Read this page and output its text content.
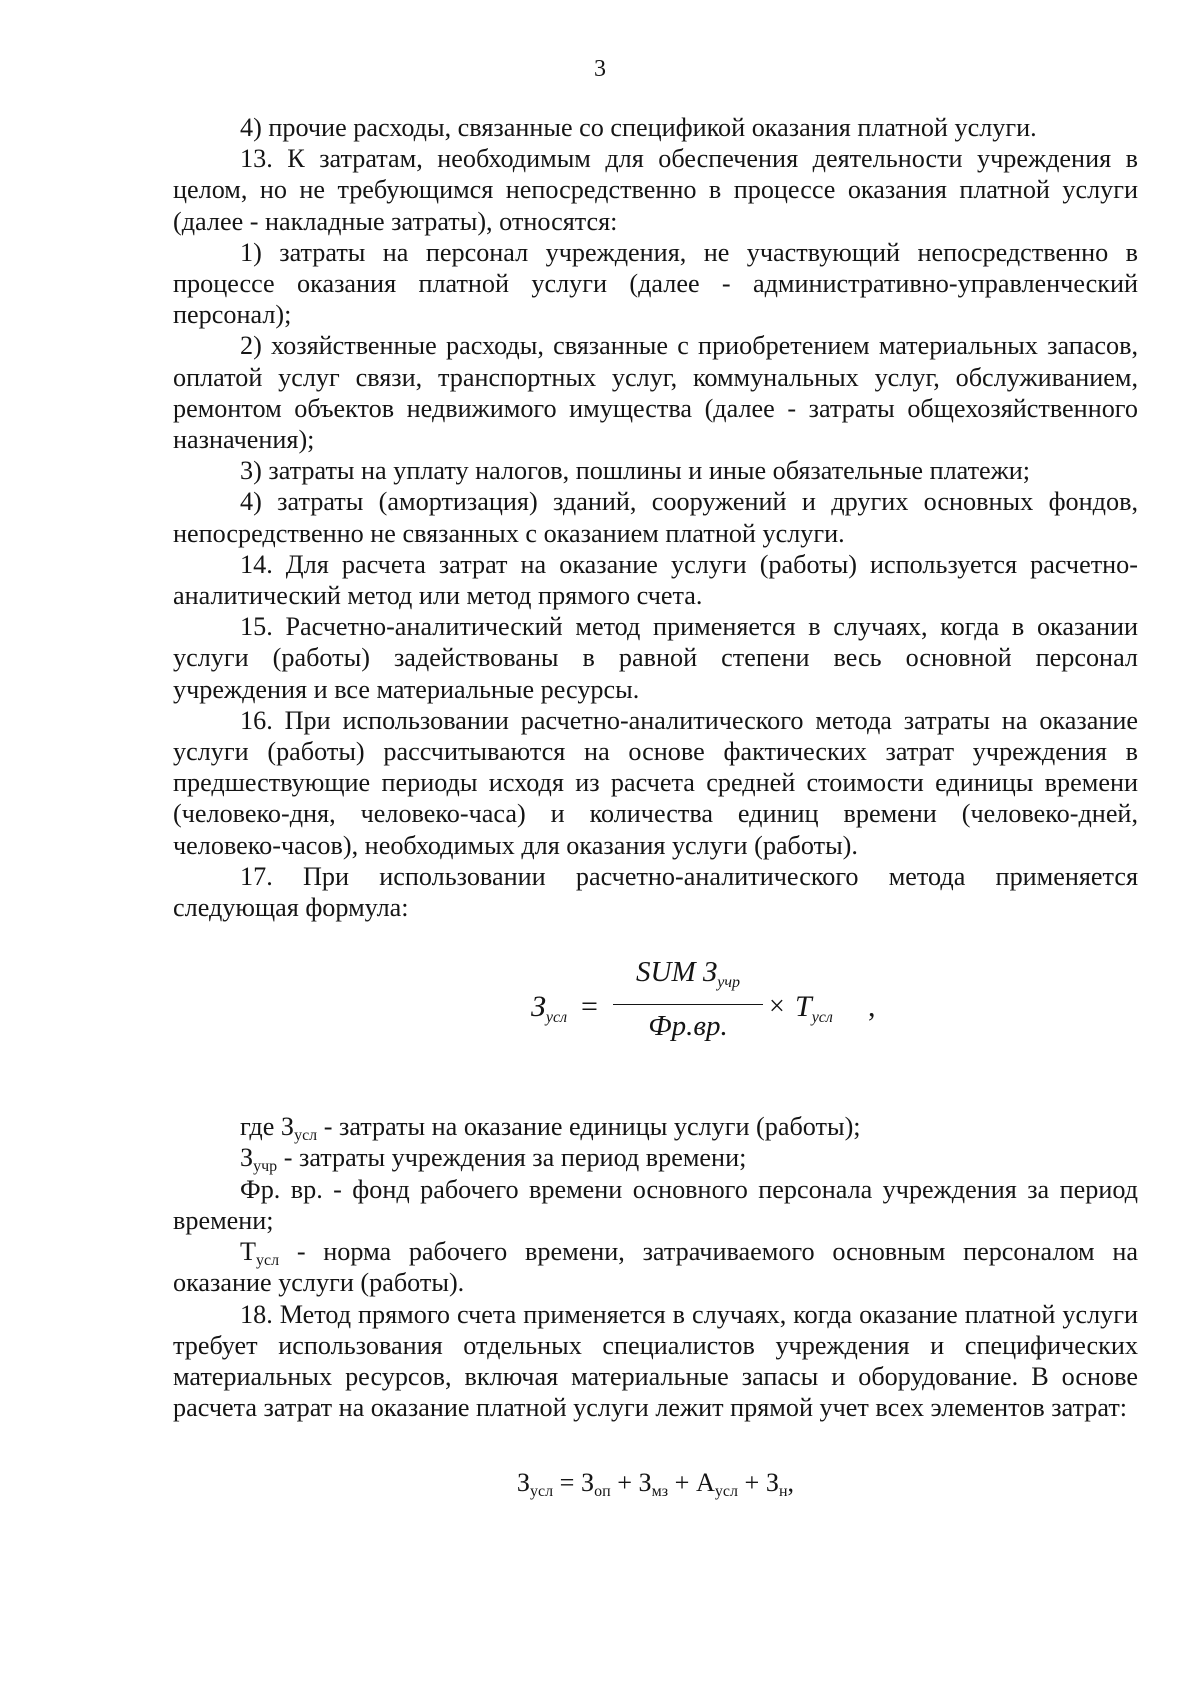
3

4) прочие расходы, связанные со спецификой оказания платной услуги.

13. К затратам, необходимым для обеспечения деятельности учреждения в целом, но не требующимся непосредственно в процессе оказания платной услуги (далее - накладные затраты), относятся:

1) затраты на персонал учреждения, не участвующий непосредственно в процессе оказания платной услуги (далее - административно-управленческий персонал);

2) хозяйственные расходы, связанные с приобретением материальных запасов, оплатой услуг связи, транспортных услуг, коммунальных услуг, обслуживанием, ремонтом объектов недвижимого имущества (далее - затраты общехозяйственного назначения);

3) затраты на уплату налогов, пошлины и иные обязательные платежи;

4) затраты (амортизация) зданий, сооружений и других основных фондов, непосредственно не связанных с оказанием платной услуги.

14. Для расчета затрат на оказание услуги (работы) используется расчетно-аналитический метод или метод прямого счета.

15. Расчетно-аналитический метод применяется в случаях, когда в оказании услуги (работы) задействованы в равной степени весь основной персонал учреждения и все материальные ресурсы.

16. При использовании расчетно-аналитического метода затраты на оказание услуги (работы) рассчитываются на основе фактических затрат учреждения в предшествующие периоды исходя из расчета средней стоимости единицы времени (человеко-дня, человеко-часа) и количества единиц времени (человеко-дней, человеко-часов), необходимых для оказания услуги (работы).

17. При использовании расчетно-аналитического метода применяется следующая формула:

$З_{усл}$ =
SUM $З_{учр}$
Фр.вр.
× $T_{усл}$ ,

где $З_{усл}$ - затраты на оказание единицы услуги (работы);

$З_{учр}$ - затраты учреждения за период времени;

Фр. вр. - фонд рабочего времени основного персонала учреждения за период времени;

$Т_{усл}$ - норма рабочего времени, затрачиваемого основным персоналом на оказание услуги (работы).

18. Метод прямого счета применяется в случаях, когда оказание платной услуги требует использования отдельных специалистов учреждения и специфических материальных ресурсов, включая материальные запасы и оборудование. В основе расчета затрат на оказание платной услуги лежит прямой учет всех элементов затрат:

$З_{усл} = З_{оп} + З_{мз} + А_{усл} + З_н$,
